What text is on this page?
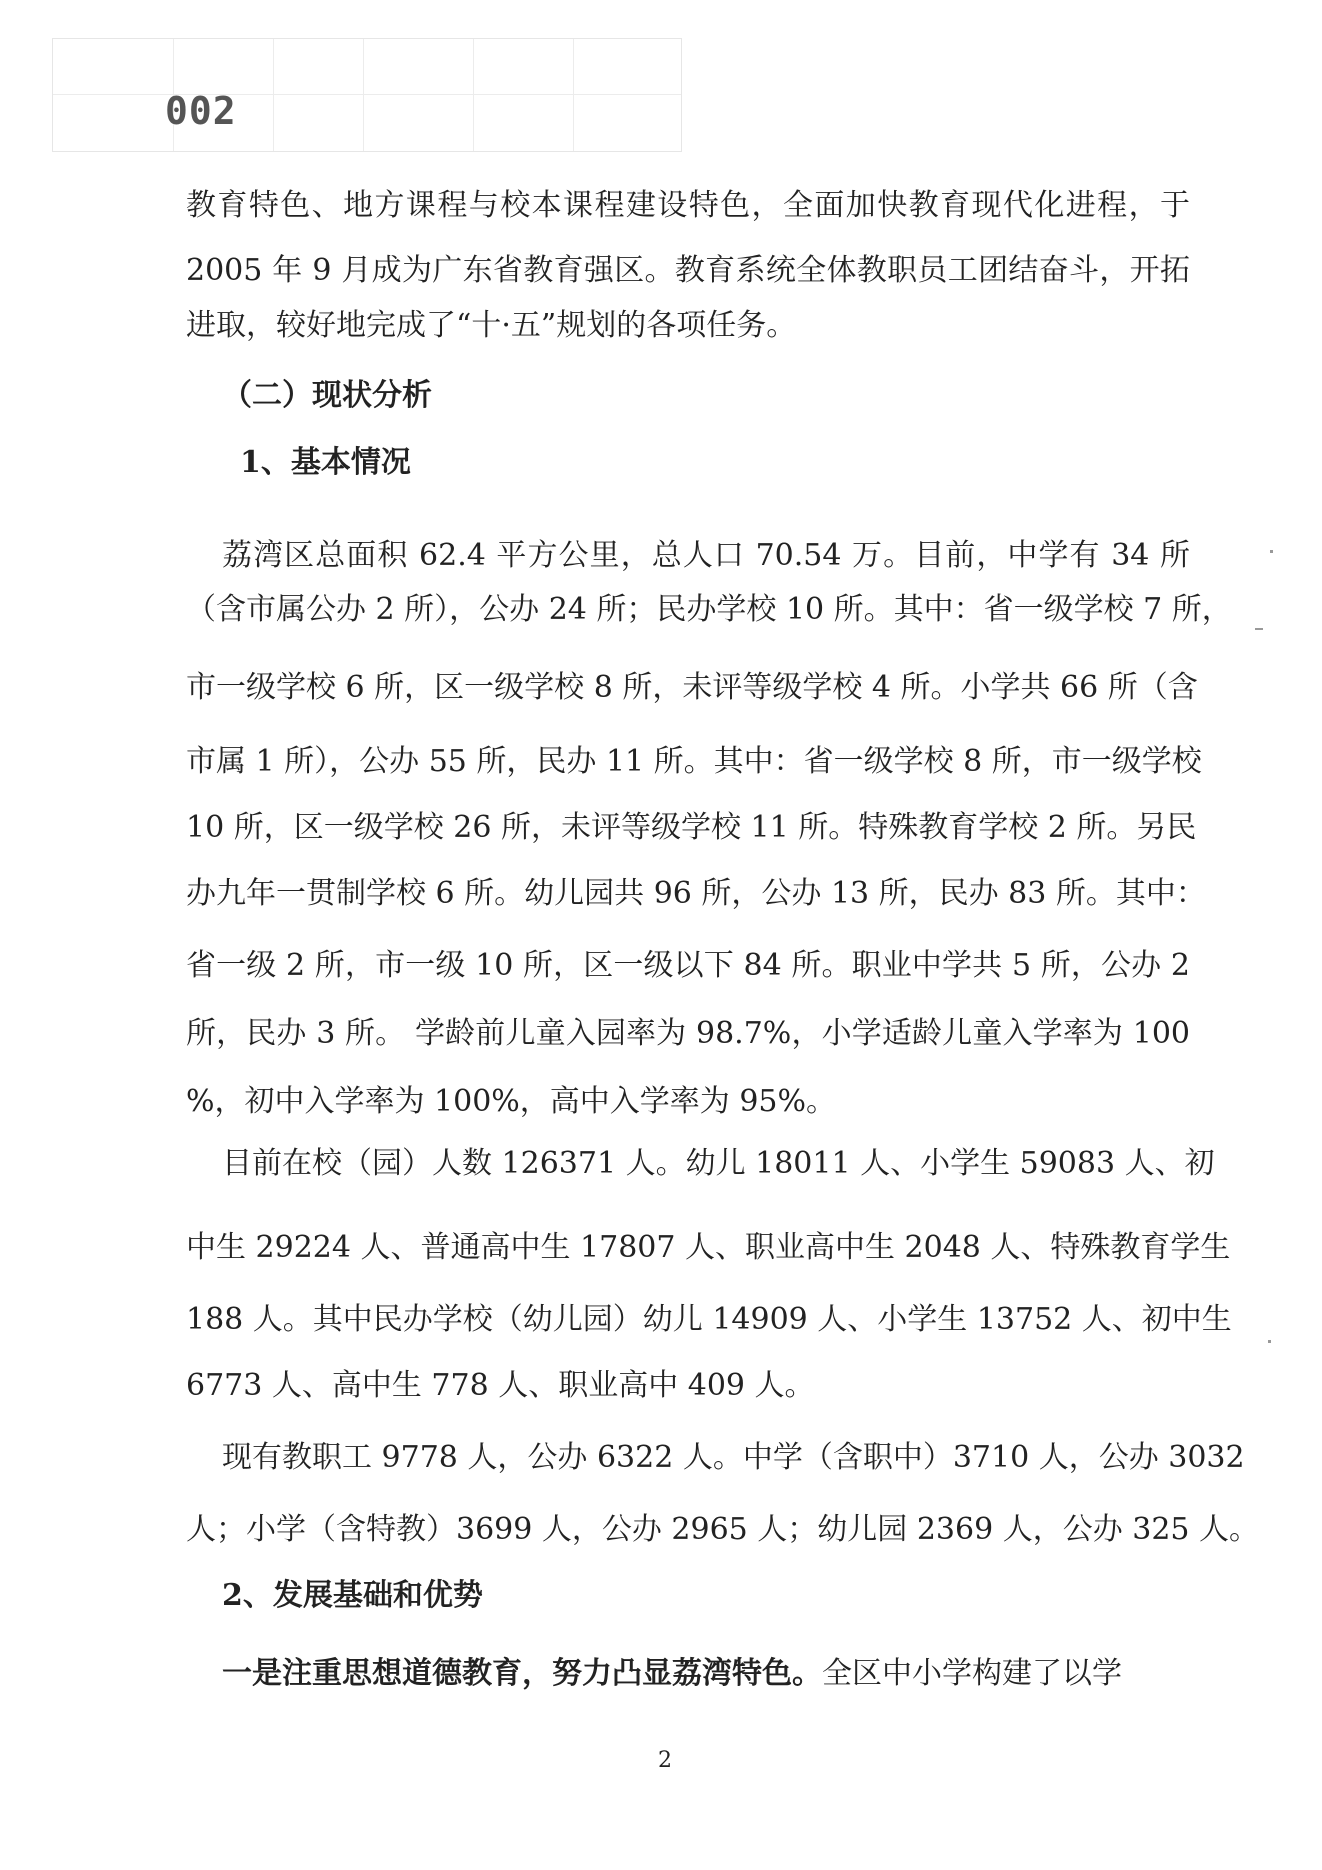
002
教育特色、地方课程与校本课程建设特色，全面加快教育现代化进程，于
2005 年 9 月成为广东省教育强区。教育系统全体教职员工团结奋斗，开拓
进取，较好地完成了“十·五”规划的各项任务。
（二）现状分析
1、基本情况
荔湾区总面积 62.4 平方公里，总人口 70.54 万。目前，中学有 34 所
（含市属公办 2 所），公办 24 所；民办学校 10 所。其中：省一级学校 7 所，
市一级学校 6 所，区一级学校 8 所，未评等级学校 4 所。小学共 66 所（含
市属 1 所），公办 55 所，民办 11 所。其中：省一级学校 8 所，市一级学校
10 所，区一级学校 26 所，未评等级学校 11 所。特殊教育学校 2 所。另民
办九年一贯制学校 6 所。幼儿园共 96 所，公办 13 所，民办 83 所。其中：
省一级 2 所，市一级 10 所，区一级以下 84 所。职业中学共 5 所，公办 2
所，民办 3 所。 学龄前儿童入园率为 98.7%，小学适龄儿童入学率为 100
%，初中入学率为 100%，高中入学率为 95%。
目前在校（园）人数 126371 人。幼儿 18011 人、小学生 59083 人、初
中生 29224 人、普通高中生 17807 人、职业高中生 2048 人、特殊教育学生
188 人。其中民办学校（幼儿园）幼儿 14909 人、小学生 13752 人、初中生
6773 人、高中生 778 人、职业高中 409 人。
现有教职工 9778 人，公办 6322 人。中学（含职中）3710 人，公办 3032
人；小学（含特教）3699 人，公办 2965 人；幼儿园 2369 人，公办 325 人。
2、发展基础和优势
一是注重思想道德教育，努力凸显荔湾特色。全区中小学构建了以学
2
